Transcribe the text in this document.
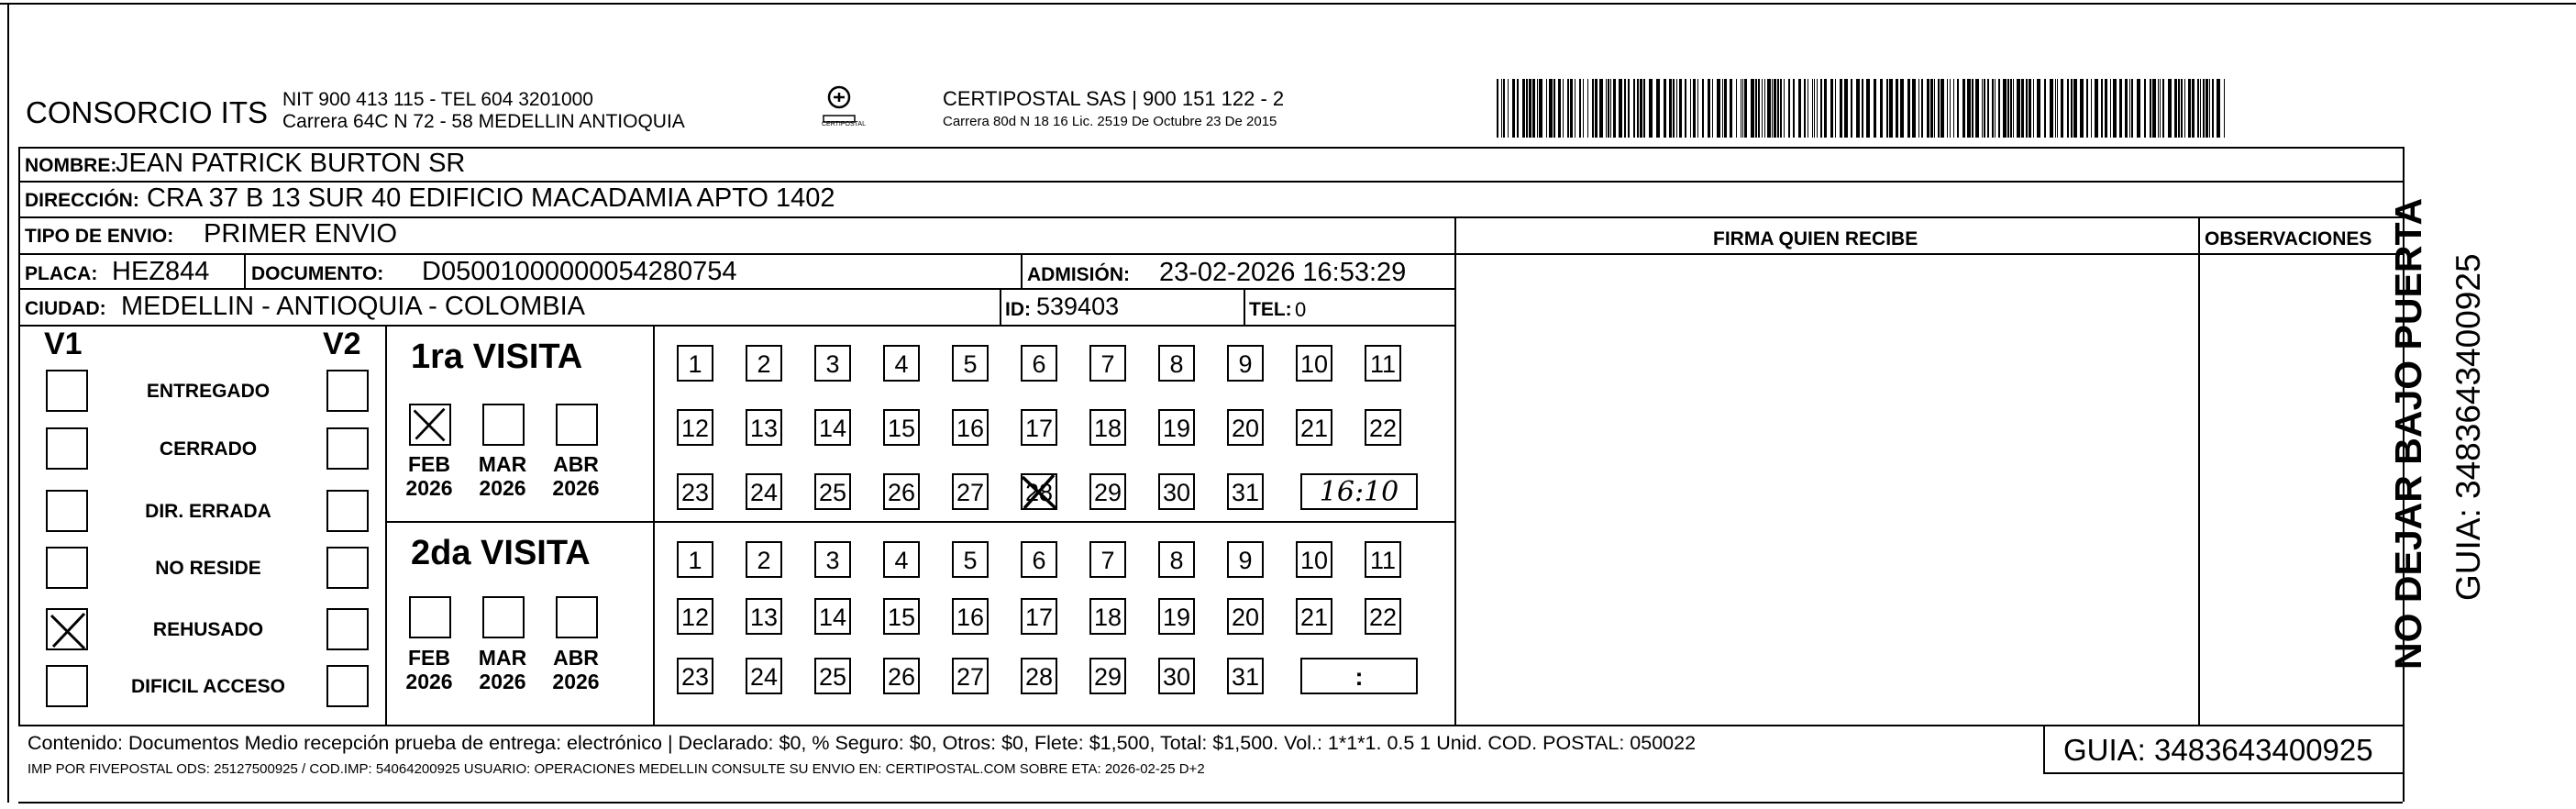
CONSORCIO ITS NIT 900 413 115 - TEL 604 3201000
Carrera 64C N 72 - 58 MEDELLIN ANTIOQUIA	CERTIPOSTAL
CERTIPOSTAL SAS | 900 151 122 - 2
Carrera 80d N 18 16 Lic. 2519 De Octubre 23 De 2015
NOMBRE:
JEAN PATRICK BURTON SR
DIRECCIÓN: CRA 37 B 13 SUR 40 EDIFICIO MACADAMIA APTO 1402
TIPO DE ENVIO: PRIMER ENVIO	FIRMA QUIEN RECIBE	OBSERVACIONES
PLACA: HEZ844 DOCUMENTO: D05001000000054280754	ADMISIÓN: 23-02-2026 16:53:29
CIUDAD: MEDELLIN - ANTIOQUIA - COLOMBIA	ID: 539403	TEL: 0
V1	V2
ENTREGADO
CERRADO
DIR. ERRADA
NO RESIDE
REHUSADO
DIFICIL ACCESO
1ra VISITA
2da VISITA
FEB
2026
MAR
2026
ABR
2026
FEB
2026
MAR
2026
ABR
2026
1	2	3	4	5	6	7	8	9	10 11
12 13 14 15 16 17 18 19 20 21 22
23 24 25 26 27 28 29 30 31	16:10
1	2	3	4	5	6	7	8	9	10 11
12 13 14 15 16 17 18 19 20 21 22
23 24 25 26 27 28 29 30 31	:
Contenido: Documentos Medio recepción prueba de entrega: electrónico | Declarado: $0, % Seguro: $0, Otros: $0, Flete: $1,500, Total: $1,500. Vol.: 1*1*1. 0.5 1 Unid. COD. POSTAL: 050022
IMP POR FIVEPOSTAL ODS: 25127500925 / COD.IMP: 54064200925 USUARIO: OPERACIONES MEDELLIN CONSULTE SU ENVIO EN: CERTIPOSTAL.COM SOBRE ETA: 2026-02-25 D+2
GUIA: 3483643400925
NO DEJAR BAJO PUERTA GUIA: 3483643400925
